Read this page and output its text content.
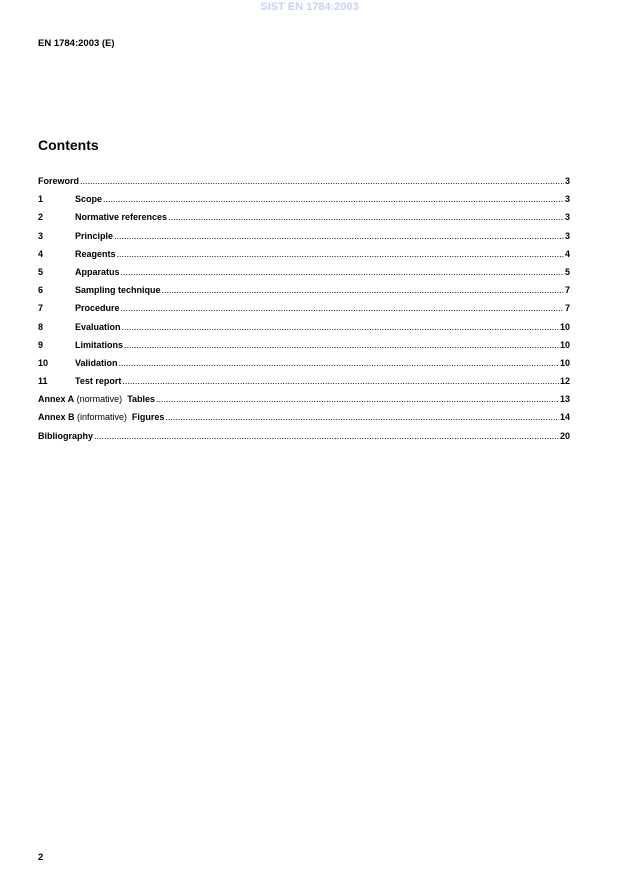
SIST EN 1784:2003
EN 1784:2003 (E)
Contents
Foreword .....	3
1	Scope .....	3
2	Normative references .....	3
3	Principle .....	3
4	Reagents .....	4
5	Apparatus .....	5
6	Sampling technique .....	7
7	Procedure .....	7
8	Evaluation .....	10
9	Limitations .....	10
10	Validation .....	10
11	Test report .....	12
Annex A (normative) Tables .....	13
Annex B (informative) Figures .....	14
Bibliography .....	20
2
